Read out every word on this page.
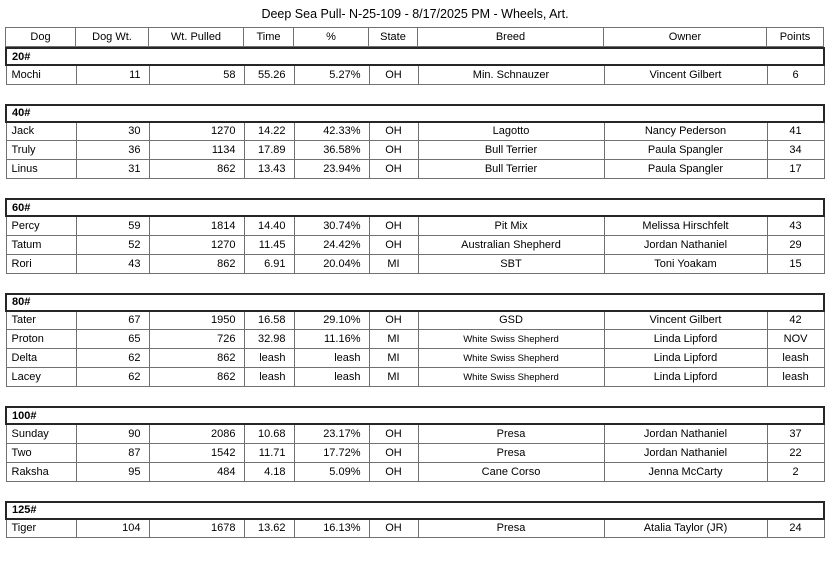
Deep Sea Pull- N-25-109 - 8/17/2025 PM - Wheels, Art.
Dog	Dog Wt.	Wt. Pulled	Time	%	State	Breed	Owner	Points
20#
Mochi	11	58	55.26	5.27%	OH	Min. Schnauzer	Vincent Gilbert	6
40#								
Jack	30	1270	14.22	42.33%	OH	Lagotto	Nancy Pederson	41
Truly	36	1134	17.89	36.58%	OH	Bull Terrier	Paula Spangler	34
Linus	31	862	13.43	23.94%	OH	Bull Terrier	Paula Spangler	17
60#								
Percy	59	1814	14.40	30.74%	OH	Pit Mix	Melissa Hirschfelt	43
Tatum	52	1270	11.45	24.42%	OH	Australian Shepherd	Jordan Nathaniel	29
Rori	43	862	6.91	20.04%	MI	SBT	Toni Yoakam	15
80#								
Tater	67	1950	16.58	29.10%	OH	GSD	Vincent Gilbert	42
Proton	65	726	32.98	11.16%	MI	White Swiss Shepherd	Linda Lipford	NOV
Delta	62	862	leash	leash	MI	White Swiss Shepherd	Linda Lipford	leash
Lacey	62	862	leash	leash	MI	White Swiss Shepherd	Linda Lipford	leash
100#								
Sunday	90	2086	10.68	23.17%	OH	Presa	Jordan Nathaniel	37
Two	87	1542	11.71	17.72%	OH	Presa	Jordan Nathaniel	22
Raksha	95	484	4.18	5.09%	OH	Cane Corso	Jenna McCarty	2
125#
Tiger	104	1678	13.62	16.13%	OH	Presa	Atalia Taylor (JR)	24
